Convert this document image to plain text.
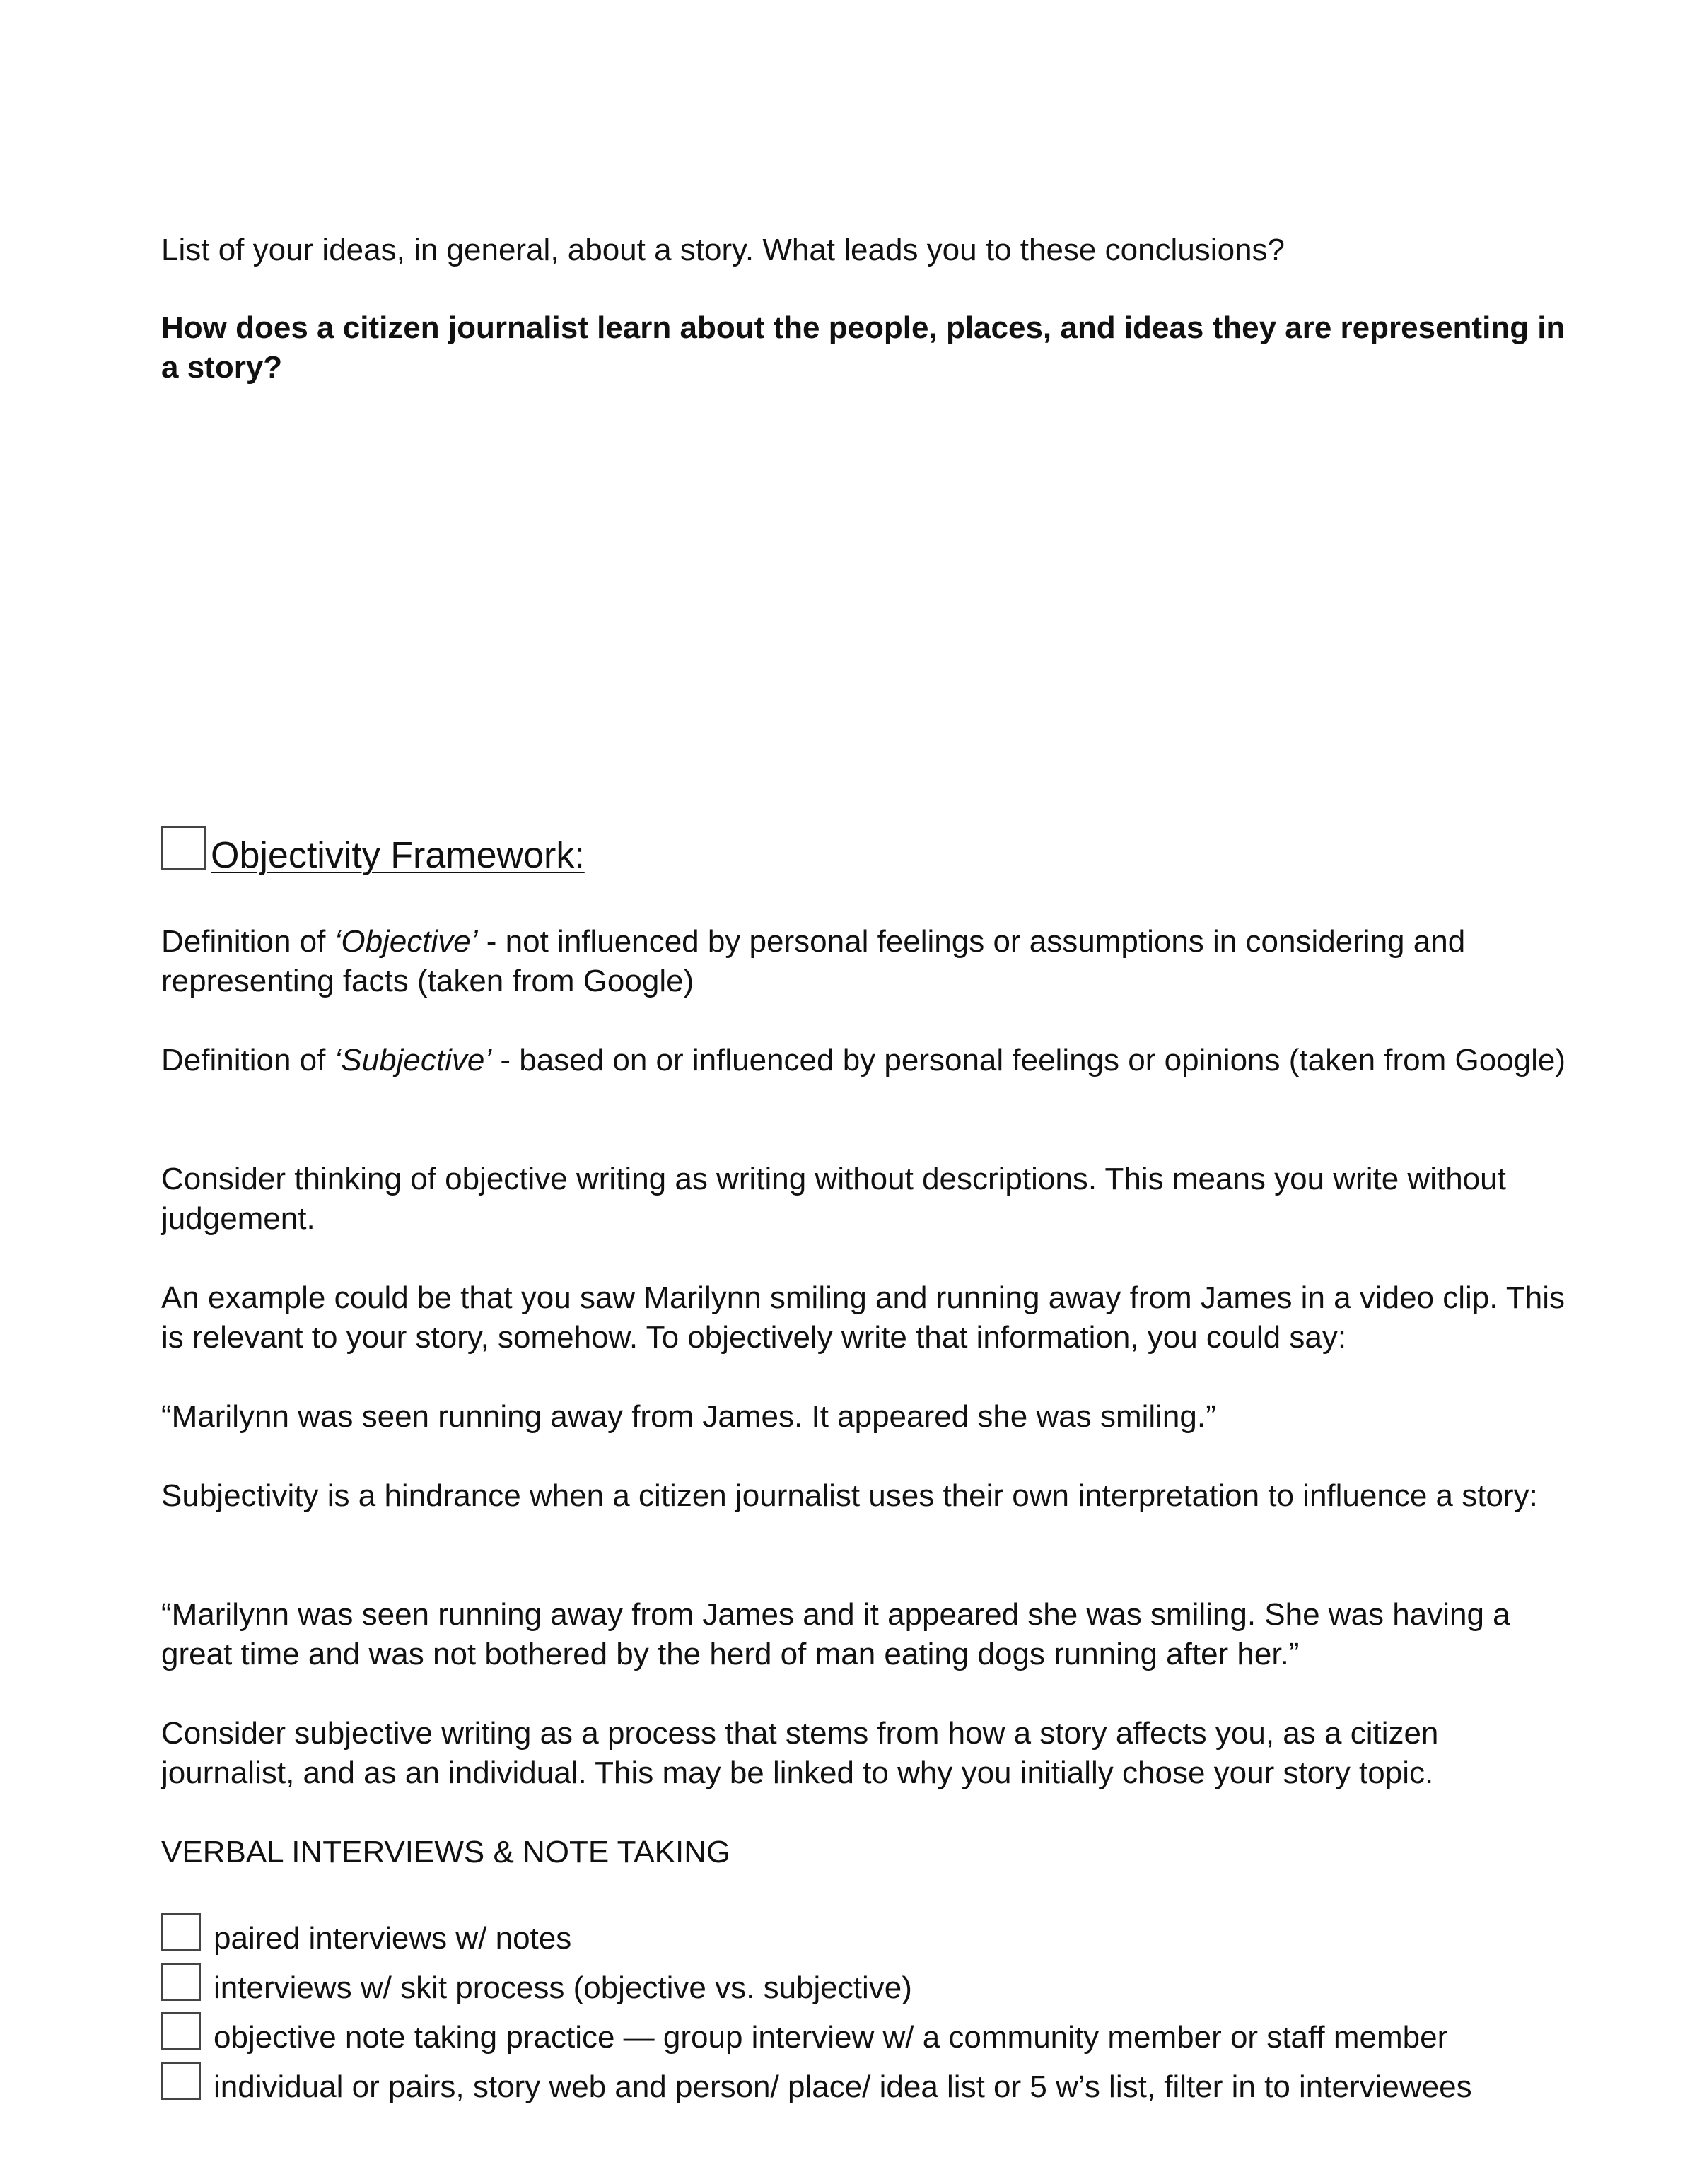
List of your ideas, in general, about a story. What leads you to these conclusions?

How does a citizen journalist learn about the people, places, and ideas they are representing in a story?

Objectivity Framework:

Definition of ‘Objective’ - not influenced by personal feelings or assumptions in considering and representing facts (taken from Google)

Definition of ‘Subjective’ - based on or influenced by personal feelings or opinions (taken from Google)

Consider thinking of objective writing as writing without descriptions. This means you write without judgement.

An example could be that you saw Marilynn smiling and running away from James in a video clip. This is relevant to your story, somehow. To objectively write that information, you could say:

“Marilynn was seen running away from James. It appeared she was smiling.”

Subjectivity is a hindrance when a citizen journalist uses their own interpretation to influence a story:

“Marilynn was seen running away from James and it appeared she was smiling. She was having a great time and was not bothered by the herd of man eating dogs running after her.”

Consider subjective writing as a process that stems from how a story affects you, as a citizen journalist, and as an individual. This may be linked to why you initially chose your story topic.

VERBAL INTERVIEWS & NOTE TAKING

paired interviews w/ notes
interviews w/ skit process (objective vs. subjective)
objective note taking practice — group interview w/ a community member or staff member
individual or pairs, story web and person/ place/ idea list or 5 w’s list, filter in to interviewees
